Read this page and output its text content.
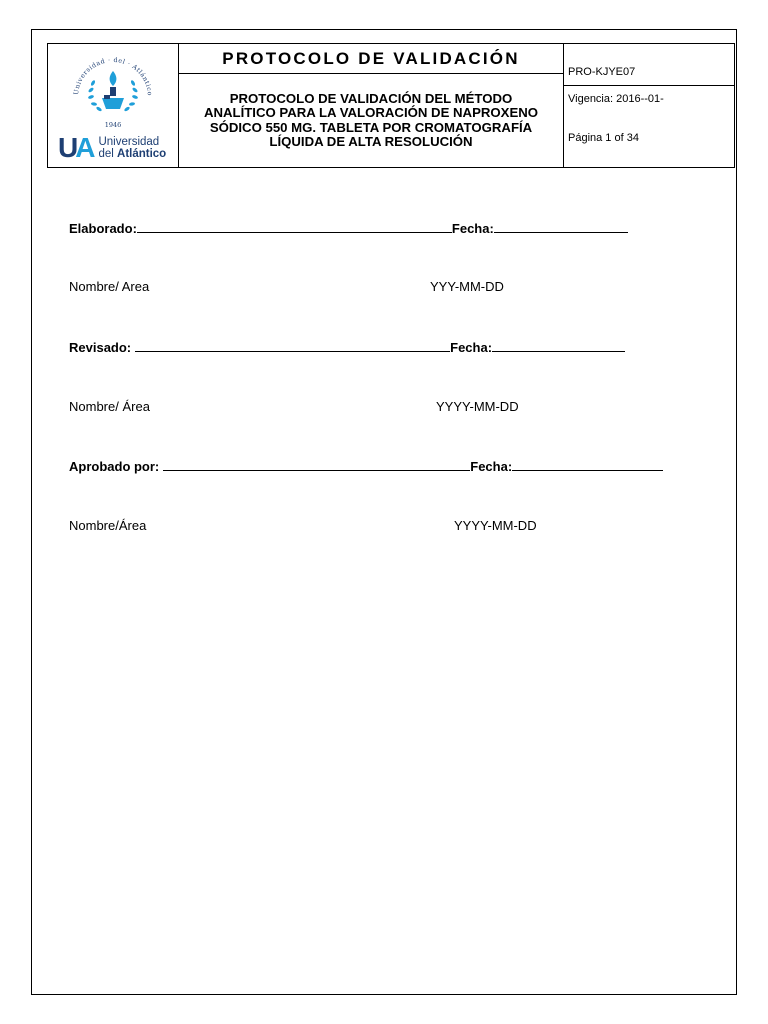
Universidad · del · Atlántico
1946
UA Universidad
del Atlántico

PROTOCOLO DE VALIDACIÓN
PROTOCOLO DE VALIDACIÓN DEL MÉTODO
ANALÍTICO PARA LA VALORACIÓN DE NAPROXENO
SÓDICO 550 MG. TABLETA POR CROMATOGRAFÍA
LÍQUIDA DE ALTA RESOLUCIÓN

PRO-KJYE07
Vigencia: 2016--01-
Página 1 of 34
Elaborado:	Fecha:
Nombre/ Area	YYY-MM-DD
Revisado:	Fecha:
Nombre/ Área	YYYY-MM-DD
Aprobado por:	Fecha:
Nombre/Área	YYYY-MM-DD
